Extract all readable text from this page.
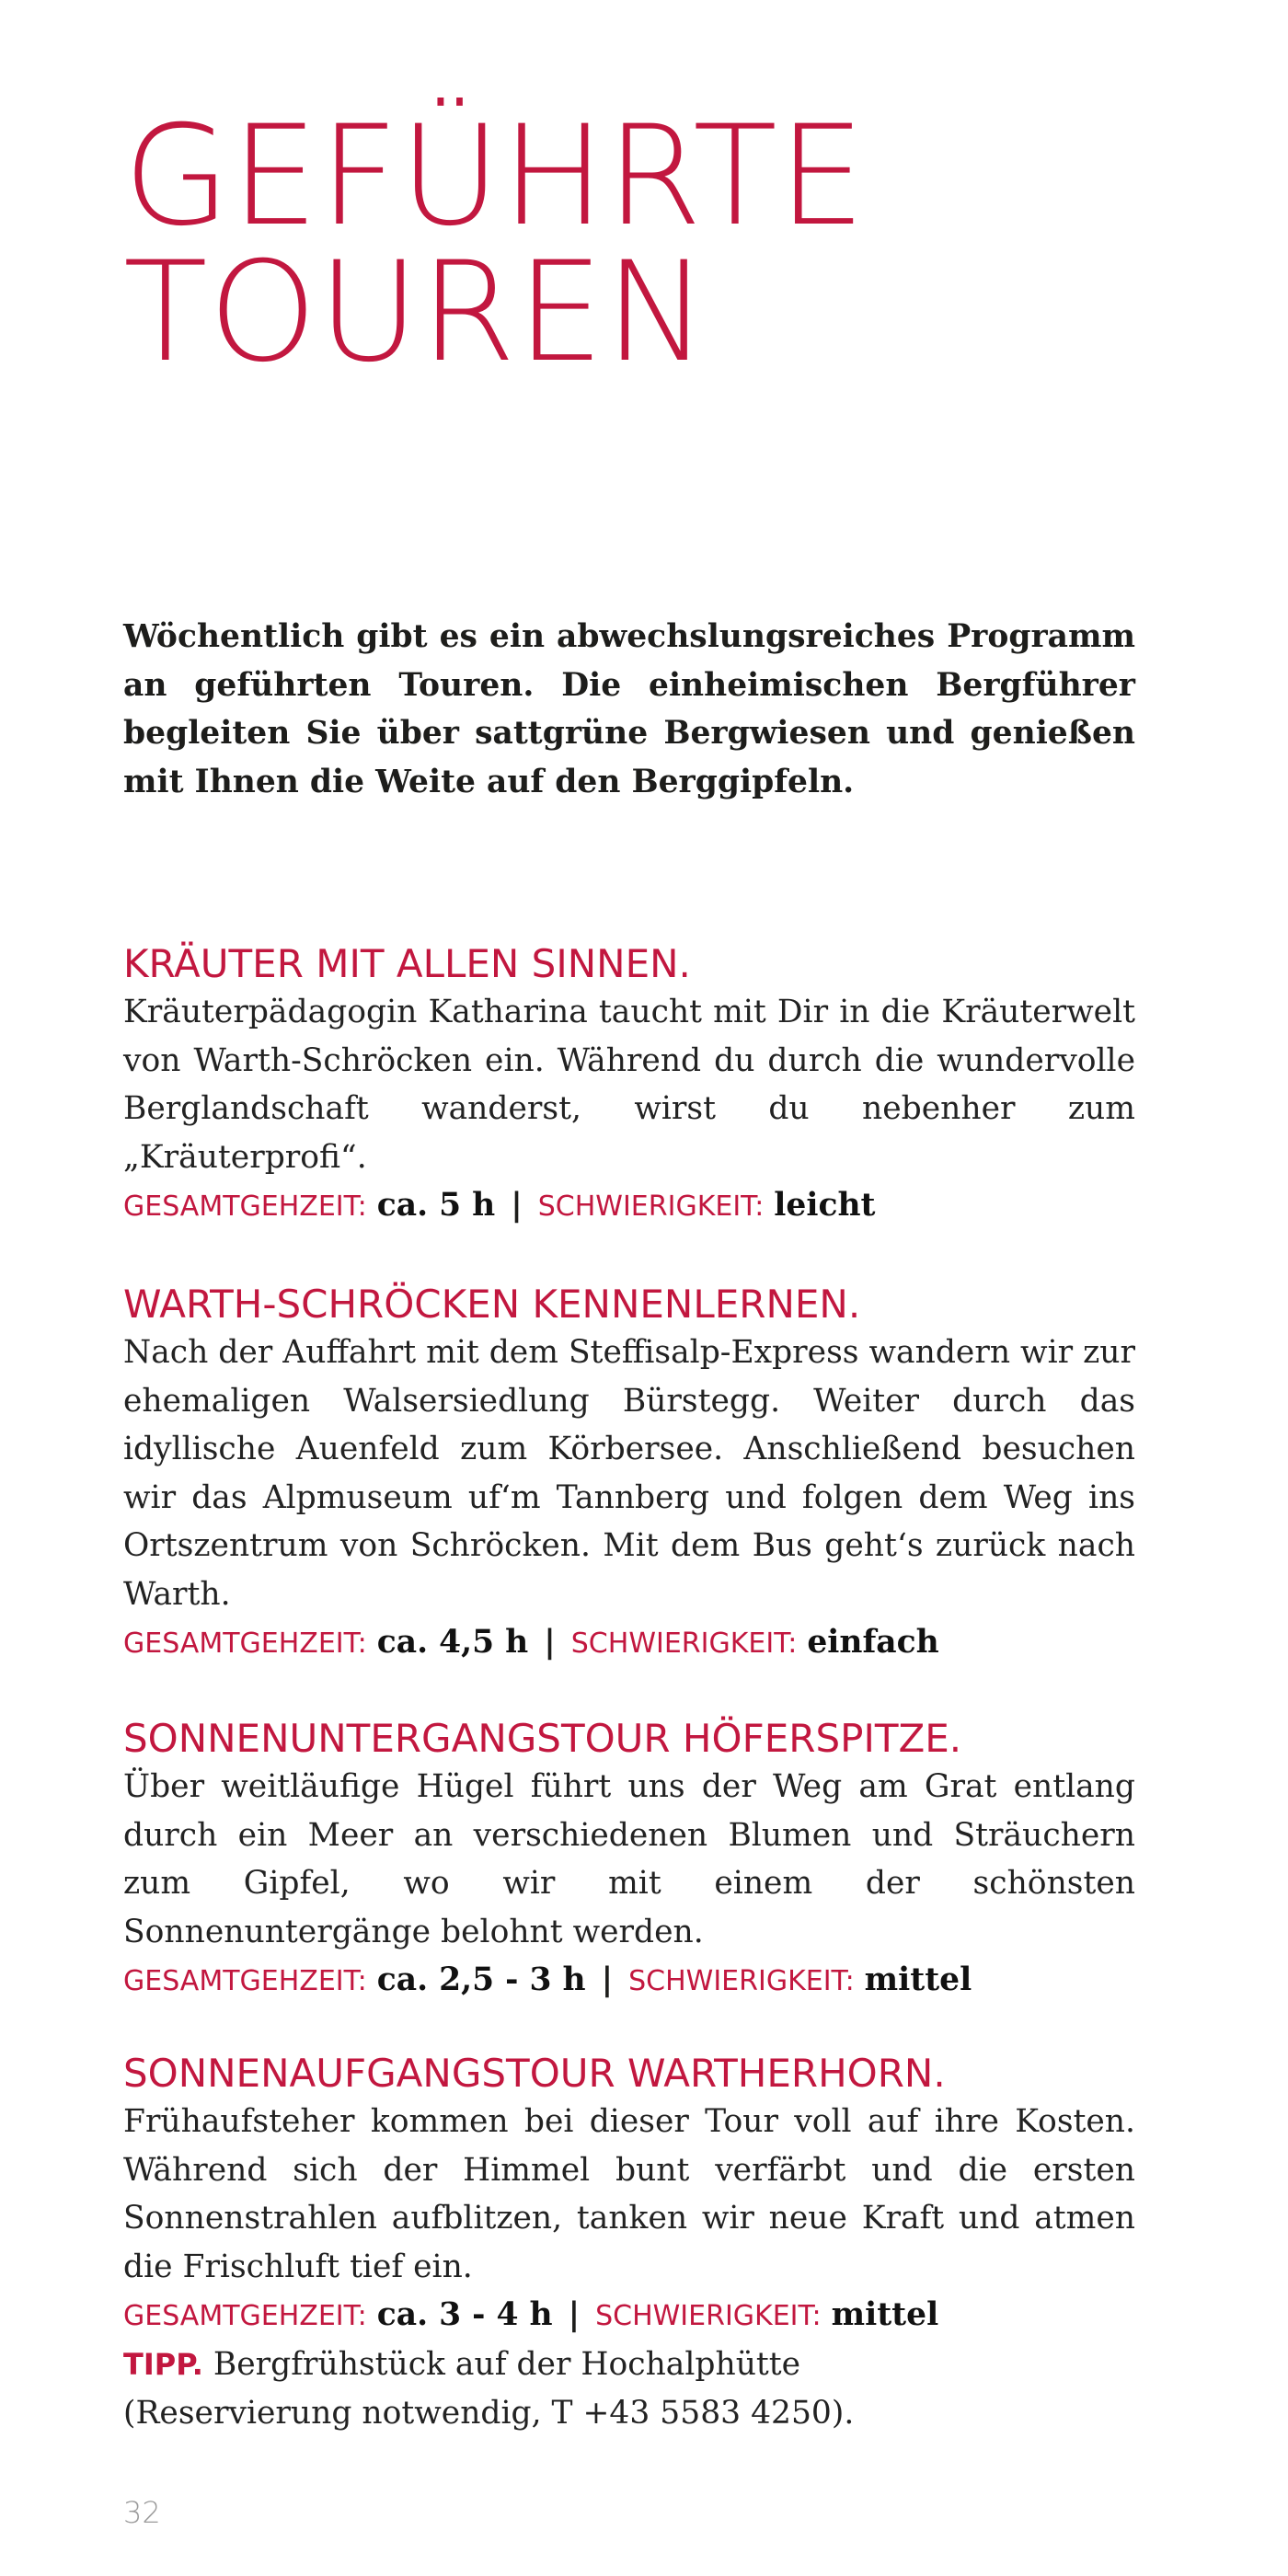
GEFÜHRTE
TOUREN

Wöchentlich gibt es ein abwechslungsreiches Programm an geführten Touren. Die einheimischen Bergführer begleiten Sie über sattgrüne Bergwiesen und genießen mit Ihnen die Weite auf den Berggipfeln.

KRÄUTER MIT ALLEN SINNEN.

Kräuterpädagogin Katharina taucht mit Dir in die Kräuterwelt von Warth-Schröcken ein. Während du durch die wundervolle Berglandschaft wanderst, wirst du nebenher zum „Kräuterprofi“.

GESAMTGEHZEIT: ca. 5 h | SCHWIERIGKEIT: leicht
WARTH-SCHRÖCKEN KENNENLERNEN.

Nach der Auffahrt mit dem Steffisalp-Express wandern wir zur ehemaligen Walsersiedlung Bürstegg. Weiter durch das idyllische Auenfeld zum Körbersee. Anschließend besuchen wir das Alpmuseum uf‘m Tannberg und folgen dem Weg ins Ortszentrum von Schröcken. Mit dem Bus geht‘s zurück nach Warth.

GESAMTGEHZEIT: ca. 4,5 h | SCHWIERIGKEIT: einfach
SONNENUNTERGANGSTOUR HÖFERSPITZE.

Über weitläufige Hügel führt uns der Weg am Grat entlang durch ein Meer an verschiedenen Blumen und Sträuchern zum Gipfel, wo wir mit einem der schönsten Sonnenuntergänge belohnt werden.

GESAMTGEHZEIT: ca. 2,5 - 3 h | SCHWIERIGKEIT: mittel
SONNENAUFGANGSTOUR WARTHERHORN.

Frühaufsteher kommen bei dieser Tour voll auf ihre Kosten. Während sich der Himmel bunt verfärbt und die ersten Sonnenstrahlen aufblitzen, tanken wir neue Kraft und atmen die Frischluft tief ein.

GESAMTGEHZEIT: ca. 3 - 4 h | SCHWIERIGKEIT: mittel
TIPP. Bergfrühstück auf der Hochalphütte
(Reservierung notwendig, T +43 5583 4250).
32
